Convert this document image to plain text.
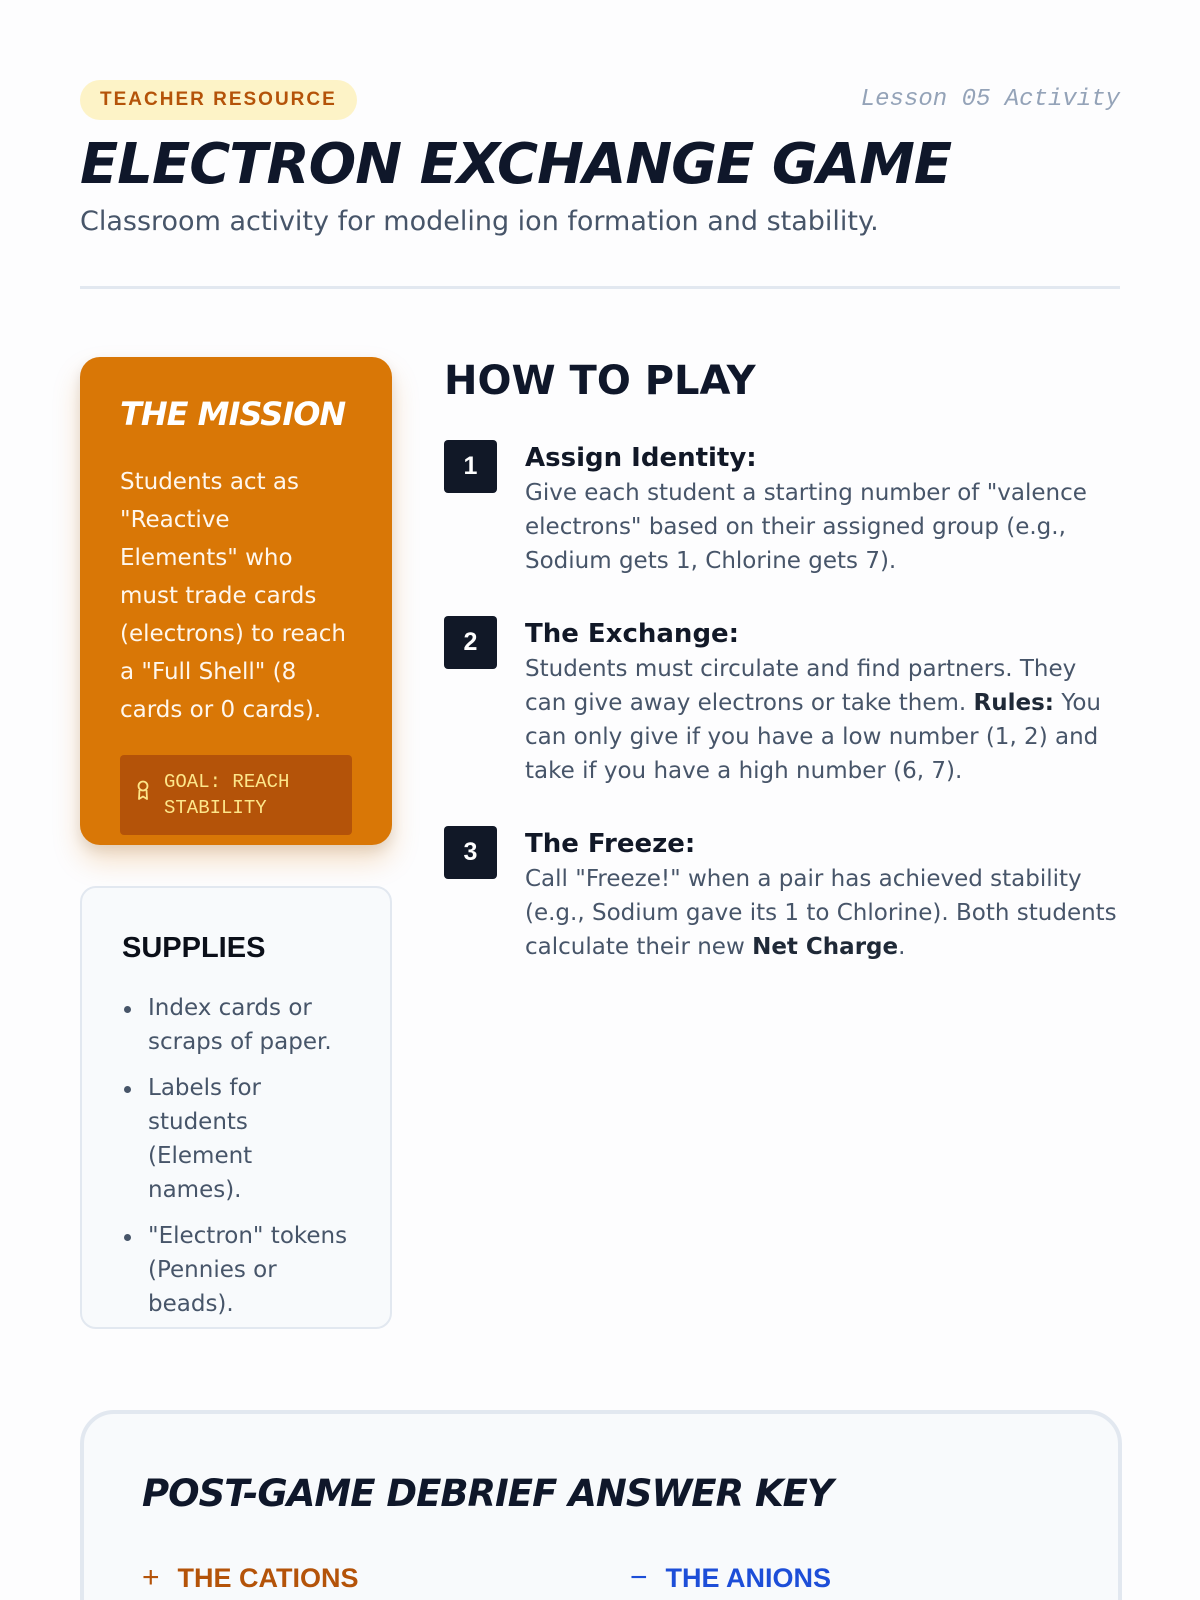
TEACHER RESOURCE	Lesson 05 Activity
ELECTRON EXCHANGE GAME
Classroom activity for modeling ion formation and stability.
THE MISSION

Students act as "Reactive Elements" who must trade cards (electrons) to reach a "Full Shell" (8 cards or 0 cards).

GOAL: REACH STABILITY
SUPPLIES
Index cards or scraps of paper.
Labels for students (Element names).
"Electron" tokens (Pennies or beads).
HOW TO PLAY
1	Assign Identity:
Give each student a starting number of "valence electrons" based on their assigned group (e.g., Sodium gets 1, Chlorine gets 7).
2	The Exchange:
Students must circulate and find partners. They can give away electrons or take them. Rules: You can only give if you have a low number (1, 2) and take if you have a high number (6, 7).
3	The Freeze:
Call "Freeze!" when a pair has achieved stability (e.g., Sodium gave its 1 to Chlorine). Both students calculate their new Net Charge.
POST-GAME DEBRIEF ANSWER KEY
+ THE CATIONS	− THE ANIONS
